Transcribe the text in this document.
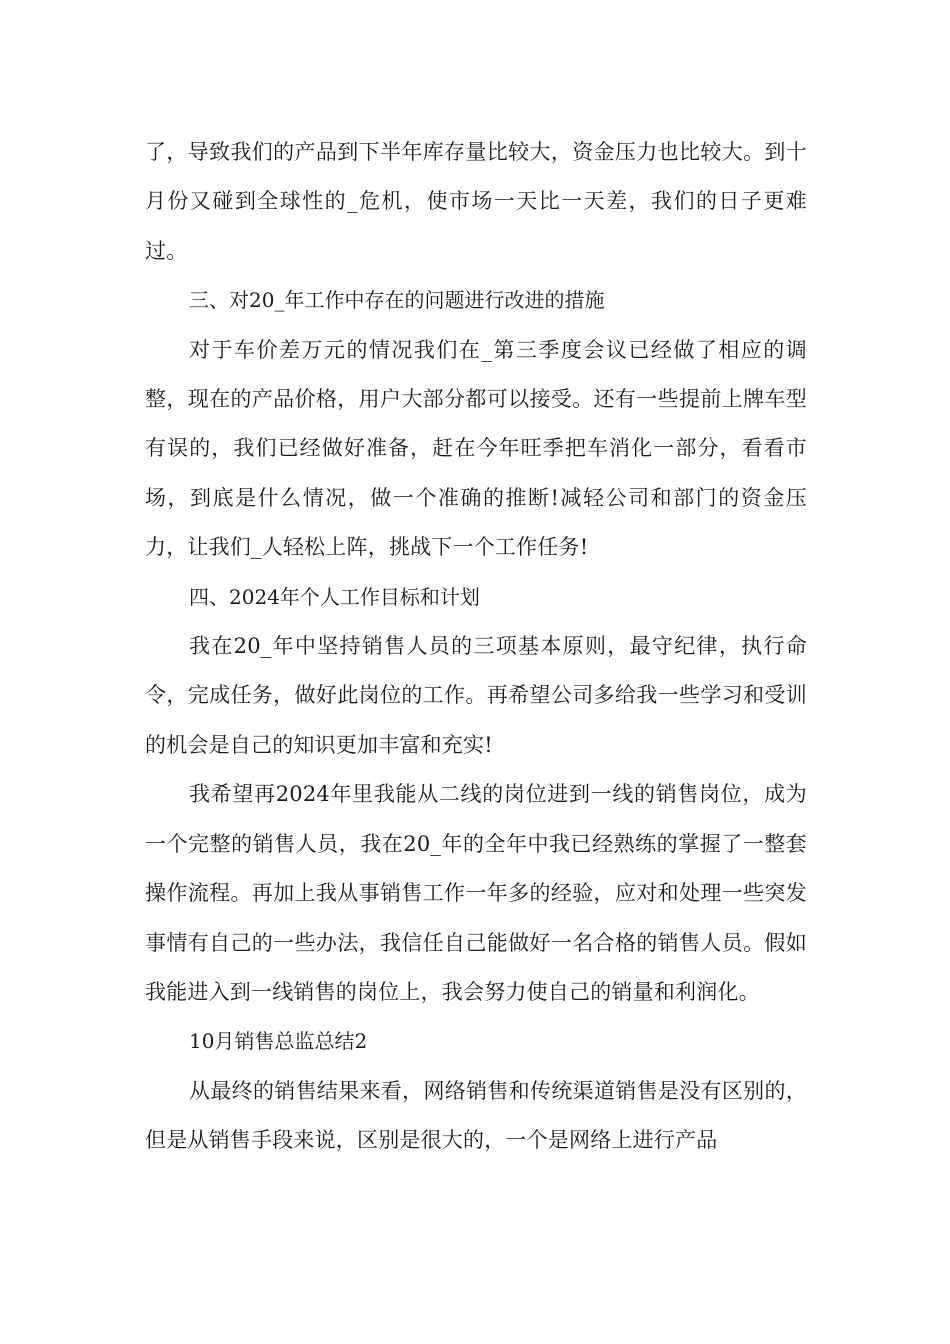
了，导致我们的产品到下半年库存量比较大，资金压力也比较大。到十月份又碰到全球性的_危机，使市场一天比一天差，我们的日子更难过。

三、对20_年工作中存在的问题进行改进的措施

对于车价差万元的情况我们在_第三季度会议已经做了相应的调整，现在的产品价格，用户大部分都可以接受。还有一些提前上牌车型有误的，我们已经做好准备，赶在今年旺季把车消化一部分，看看市场，到底是什么情况，做一个准确的推断!减轻公司和部门的资金压力，让我们_人轻松上阵，挑战下一个工作任务!

四、2024年个人工作目标和计划

我在20_年中坚持销售人员的三项基本原则，最守纪律，执行命令，完成任务，做好此岗位的工作。再希望公司多给我一些学习和受训的机会是自己的知识更加丰富和充实!

我希望再2024年里我能从二线的岗位进到一线的销售岗位，成为一个完整的销售人员，我在20_年的全年中我已经熟练的掌握了一整套操作流程。再加上我从事销售工作一年多的经验，应对和处理一些突发事情有自己的一些办法，我信任自己能做好一名合格的销售人员。假如我能进入到一线销售的岗位上，我会努力使自己的销量和利润化。

10月销售总监总结2

从最终的销售结果来看，网络销售和传统渠道销售是没有区别的，但是从销售手段来说，区别是很大的，一个是网络上进行产品
